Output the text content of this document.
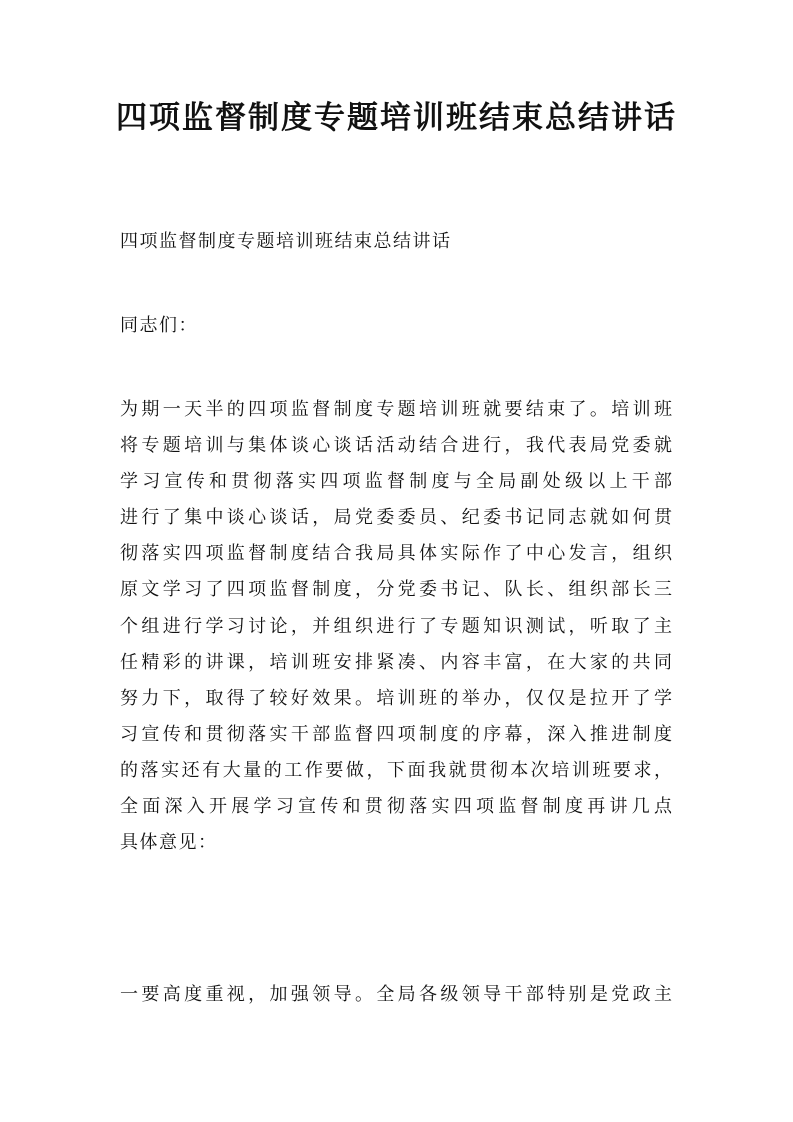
四项监督制度专题培训班结束总结讲话

四项监督制度专题培训班结束总结讲话

同志们：

为期一天半的四项监督制度专题培训班就要结束了。培训班
将专题培训与集体谈心谈话活动结合进行，我代表局党委就
学习宣传和贯彻落实四项监督制度与全局副处级以上干部
进行了集中谈心谈话，局党委委员、纪委书记同志就如何贯
彻落实四项监督制度结合我局具体实际作了中心发言，组织
原文学习了四项监督制度，分党委书记、队长、组织部长三
个组进行学习讨论，并组织进行了专题知识测试，听取了主
任精彩的讲课，培训班安排紧凑、内容丰富，在大家的共同
努力下，取得了较好效果。培训班的举办，仅仅是拉开了学
习宣传和贯彻落实干部监督四项制度的序幕，深入推进制度
的落实还有大量的工作要做，下面我就贯彻本次培训班要求，
全面深入开展学习宣传和贯彻落实四项监督制度再讲几点
具体意见：
一要高度重视，加强领导。全局各级领导干部特别是党政主
